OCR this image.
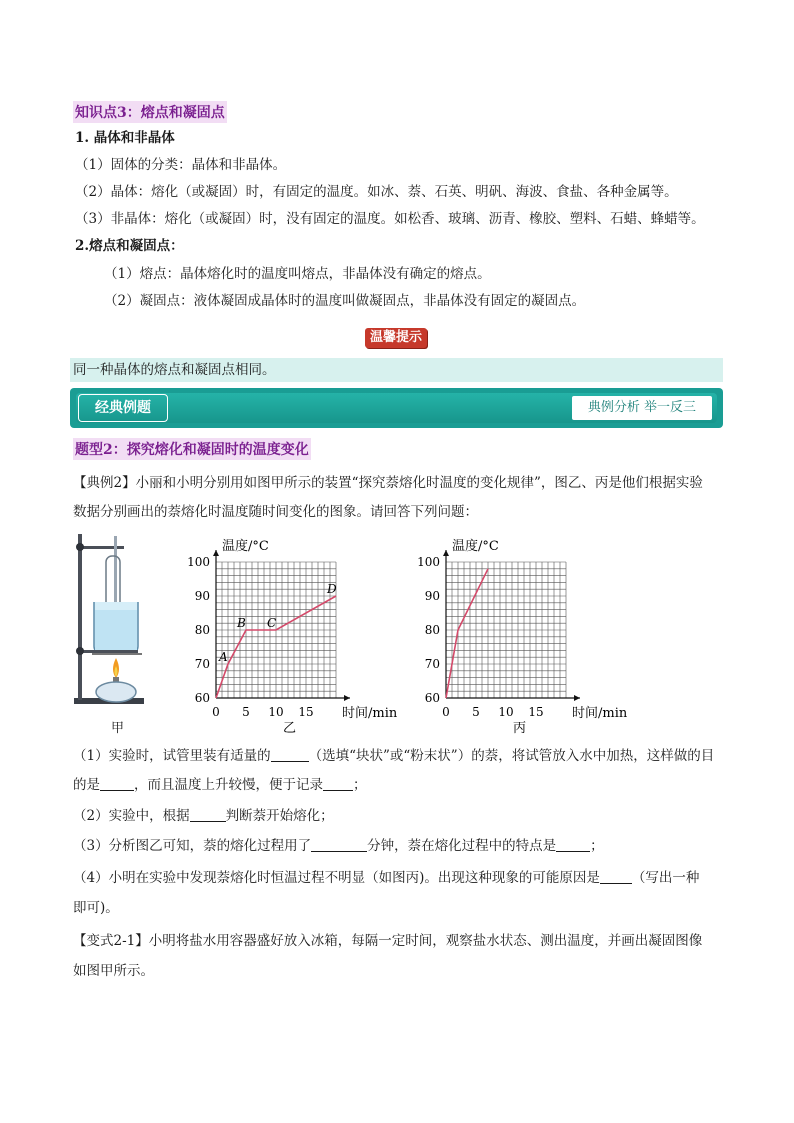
知识点3：熔点和凝固点
1. 晶体和非晶体
（1）固体的分类：晶体和非晶体。
（2）晶体：熔化（或凝固）时，有固定的温度。如冰、萘、石英、明矾、海波、食盐、各种金属等。
（3）非晶体：熔化（或凝固）时，没有固定的温度。如松香、玻璃、沥青、橡胶、塑料、石蜡、蜂蜡等。
2.熔点和凝固点：
（1）熔点：晶体熔化时的温度叫熔点，非晶体没有确定的熔点。
（2）凝固点：液体凝固成晶体时的温度叫做凝固点，非晶体没有固定的凝固点。
温馨提示
同一种晶体的熔点和凝固点相同。
经典例题	典例分析 举一反三
题型2：探究熔化和凝固时的温度变化
【典例2】小丽和小明分别用如图甲所示的装置“探究萘熔化时温度的变化规律”，图乙、丙是他们根据实验
数据分别画出的萘熔化时温度随时间变化的图象。请回答下列问题：
甲
60
70
80
90
100
0 5 10 15
A
B C
D
温度/°C
时间/min
乙
60
70
80
90
100
0 5 10 15
温度/°C
时间/min
丙
（1）实验时，试管里装有适量的	（选填“块状”或“粉末状”）的萘，将试管放入水中加热，这样做的目
的是	，而且温度上升较慢，便于记录 ；
（2）实验中，根据	判断萘开始熔化；
（3）分析图乙可知，萘的熔化过程用了	分钟，萘在熔化过程中的特点是	；
（4）小明在实验中发现萘熔化时恒温过程不明显（如图丙)。出现这种现象的可能原因是 （写出一种
即可)。
【变式2-1】小明将盐水用容器盛好放入冰箱，每隔一定时间，观察盐水状态、测出温度，并画出凝固图像
如图甲所示。
